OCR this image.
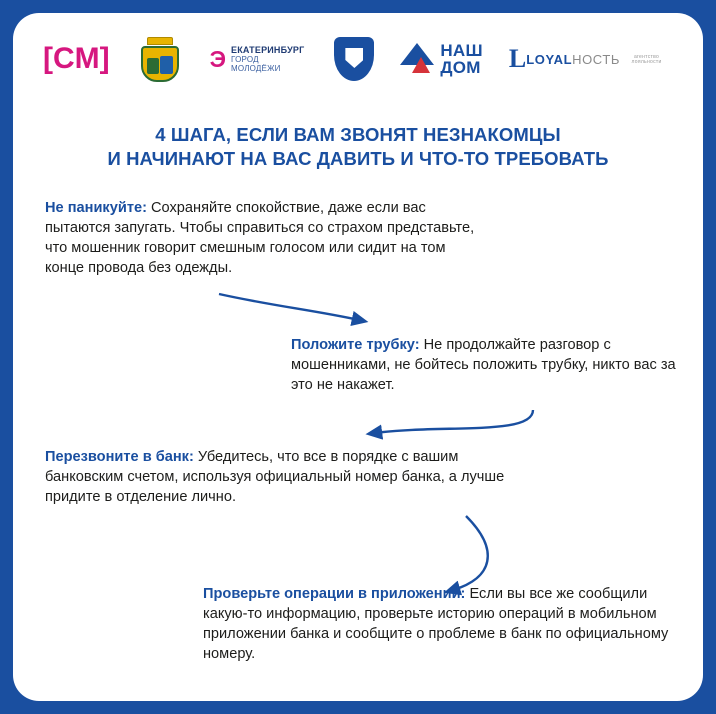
[CM]	Э ЕКАТЕРИНБУРГ
ГОРОД МОЛОДЁЖИ
НАШ
ДОМ L LOYALНОСТЬ	агентство лояльности
4 ШАГА, ЕСЛИ ВАМ ЗВОНЯТ НЕЗНАКОМЦЫ
И НАЧИНАЮТ НА ВАС ДАВИТЬ И ЧТО-ТО ТРЕБОВАТЬ
Не паникуйте: Сохраняйте спокойствие, даже если вас пытаются запугать. Чтобы справиться со страхом представьте, что мошенник говорит смешным голосом или сидит на том конце провода без одежды.
Положите трубку: Не продолжайте разговор с мошенниками, не бойтесь положить трубку, никто вас за это не накажет.
Перезвоните в банк: Убедитесь, что все в порядке с вашим банковским счетом, используя официальный номер банка, а лучше придите в отделение лично.
Проверьте операции в приложении: Если вы все же сообщили какую-то информацию, проверьте историю операций в мобильном приложении банка и сообщите о проблеме в банк по официальному номеру.
